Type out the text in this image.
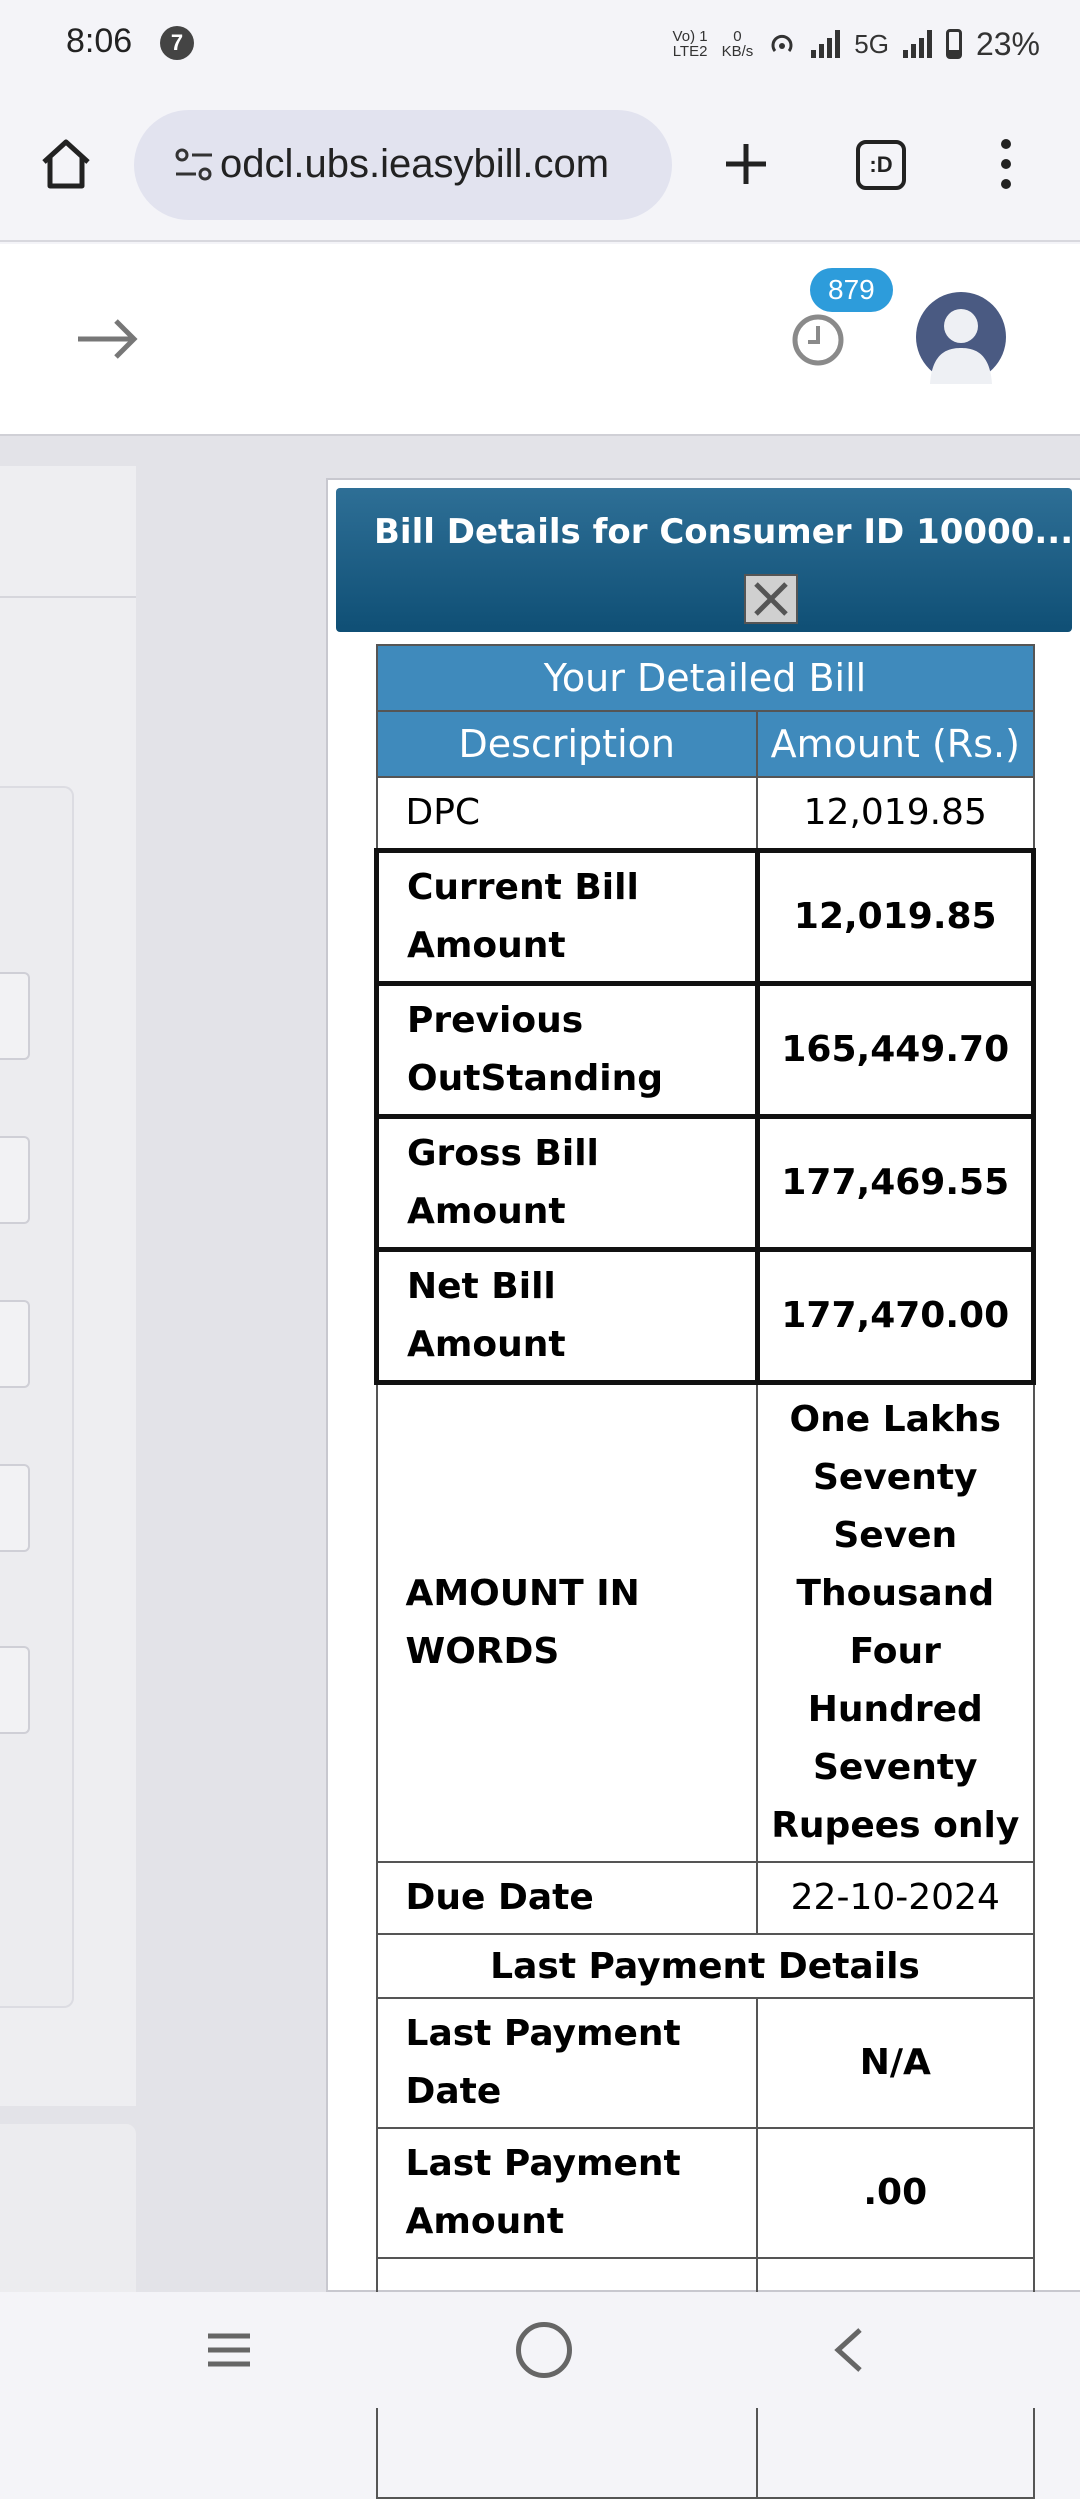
8:06	7	Vo) 1
LTE2
0
KB/s	5G	23%
odcl.ubs.ieasybill.com	:D
879
Bill Details for Consumer ID 10000...
Your Detailed Bill	
Description	Amount (Rs.)
DPC	12,019.85
Current Bill Amount	12,019.85
Previous OutStanding	165,449.70
Gross Bill Amount	177,469.55
Net Bill Amount	177,470.00
AMOUNT IN WORDS	One Lakhs Seventy Seven Thousand Four Hundred Seventy Rupees only
Due Date	22-10-2024
Last Payment Details	
Last Payment Date	N/A
Last Payment Amount	.00
